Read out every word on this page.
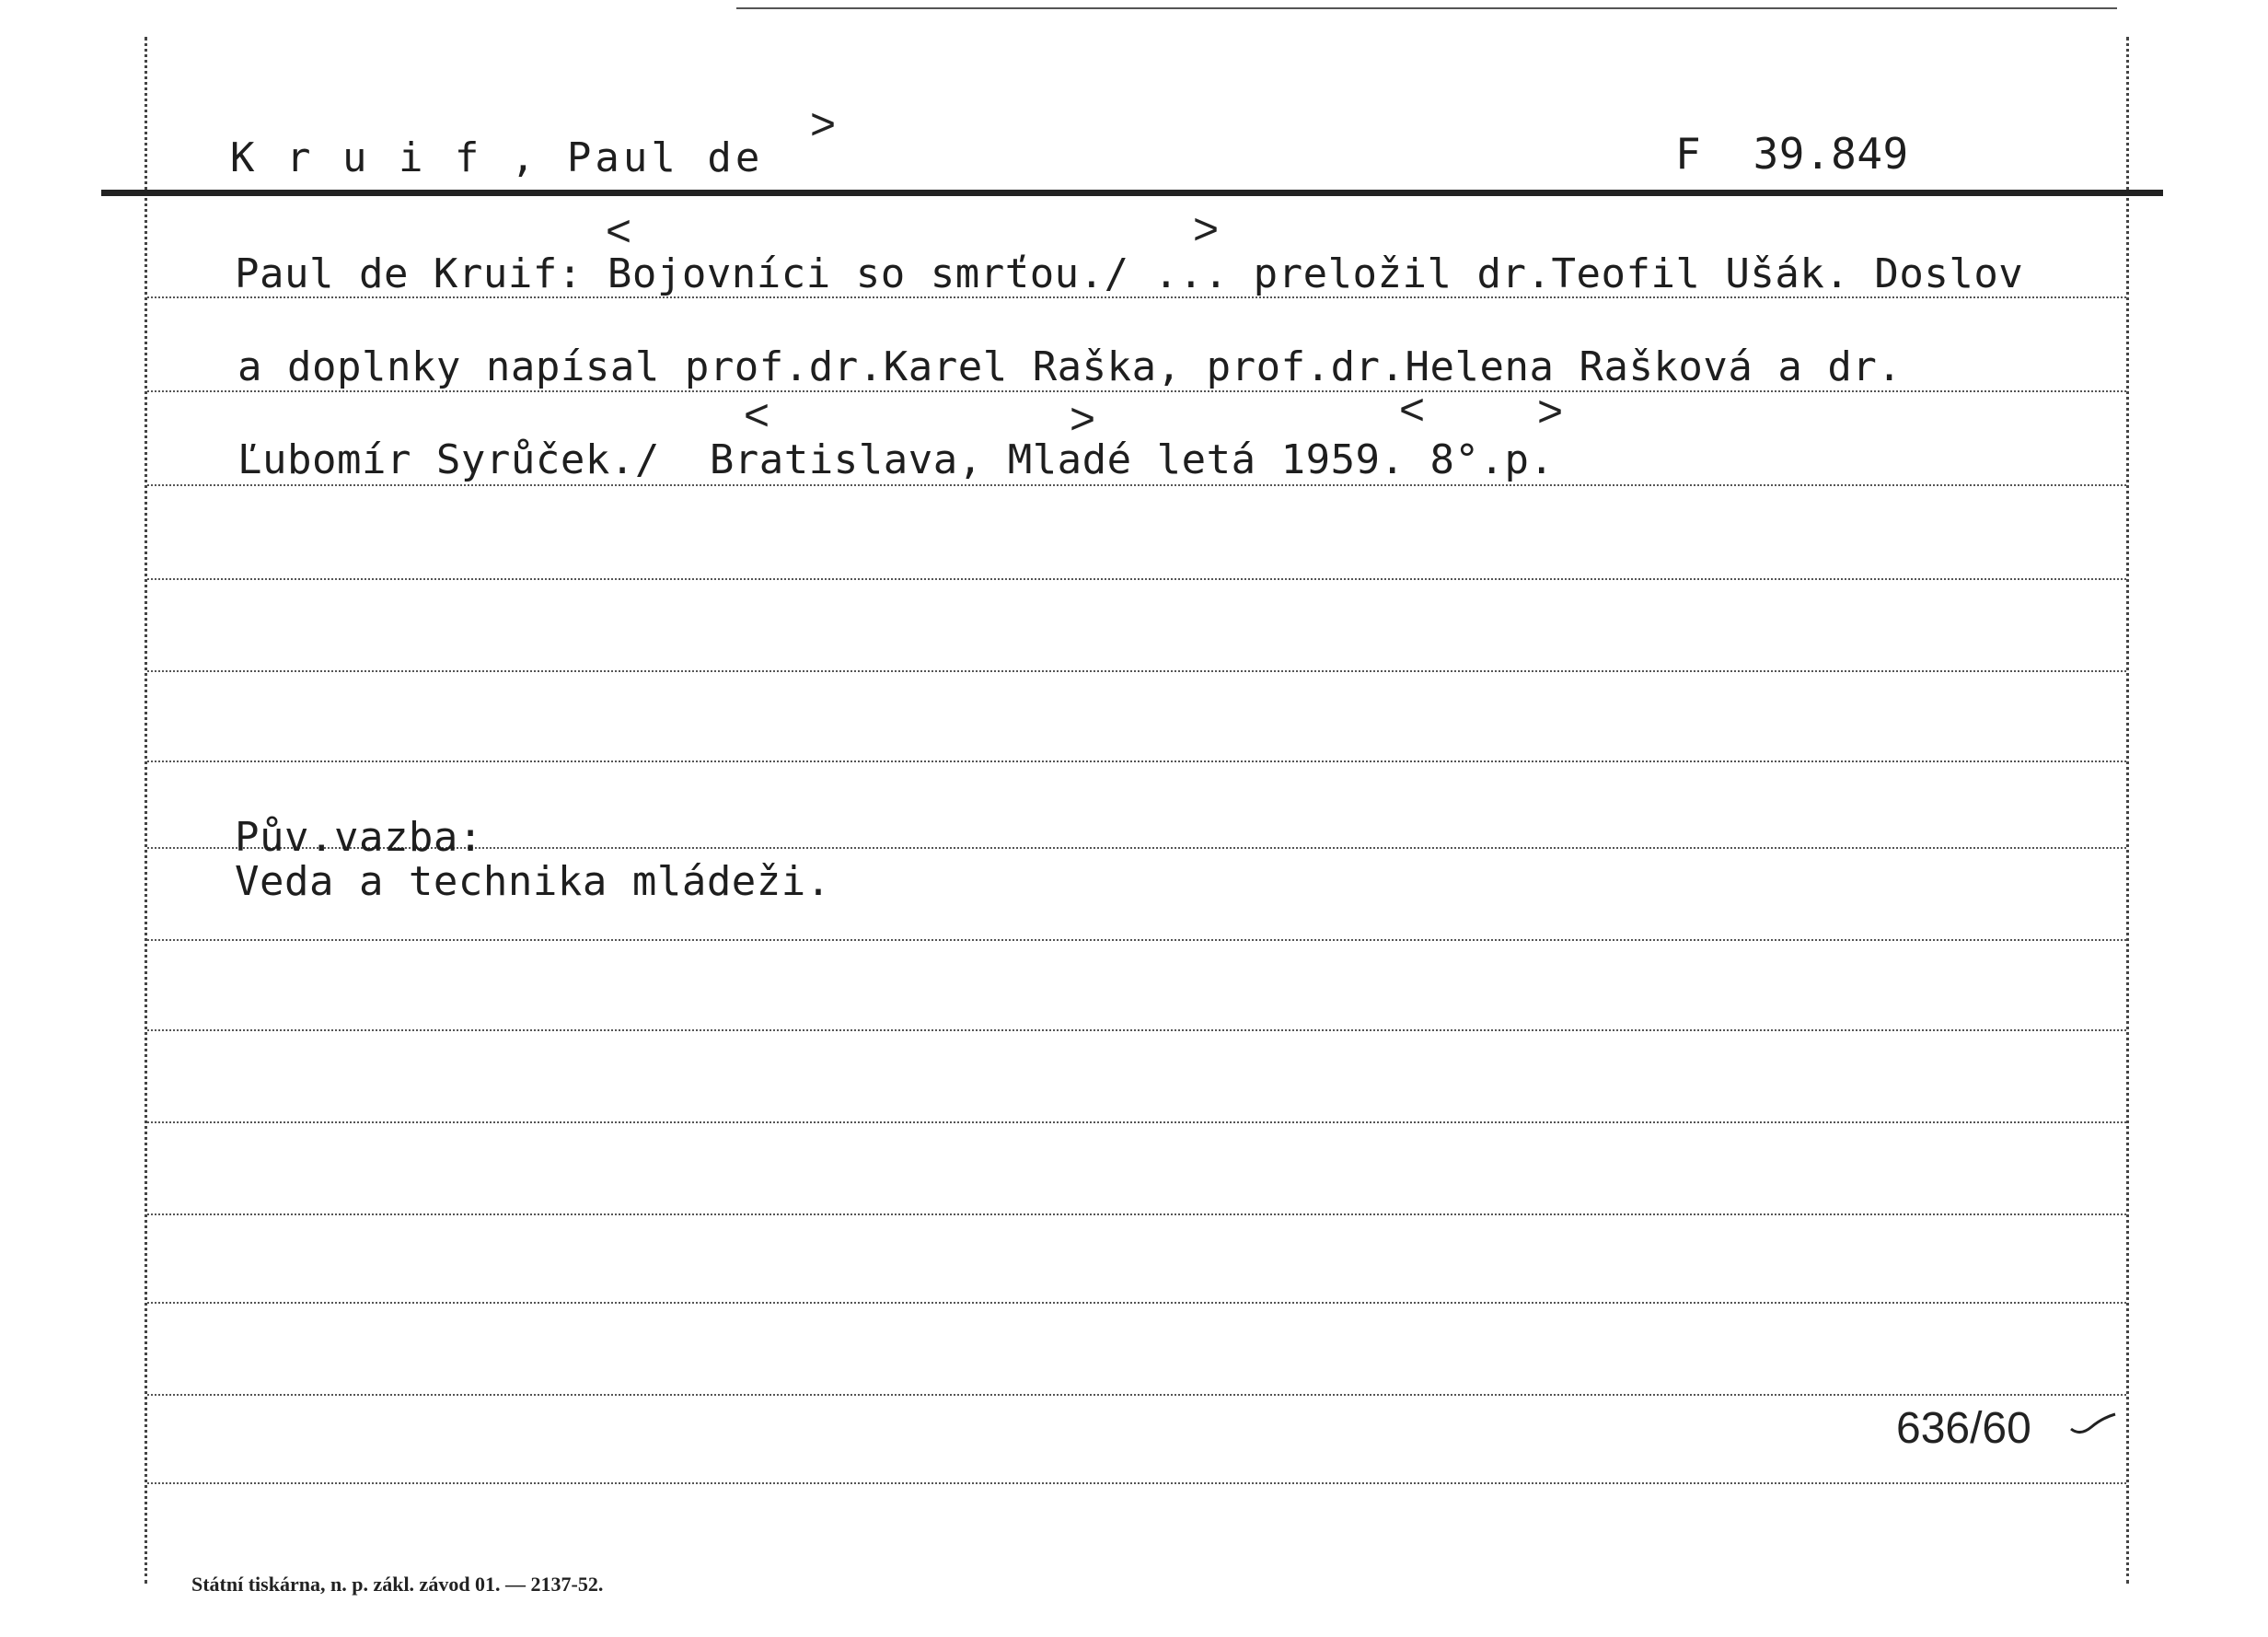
K r u i f , Paul de
>
F  39.849
Paul de Kruif: Bojovníci so smrťou./ ... preložil dr.Teofil Ušák. Doslov
a doplnky napísal prof.dr.Karel Raška, prof.dr.Helena Rašková a dr.
Ľubomír Syrůček./  Bratislava, Mladé letá 1959. 8°.p.
<	>
<	>	<	>
Pův.vazba:
Veda a technika mládeži.
636/60
Státní tiskárna, n. p. zákl. závod 01. — 2137-52.
